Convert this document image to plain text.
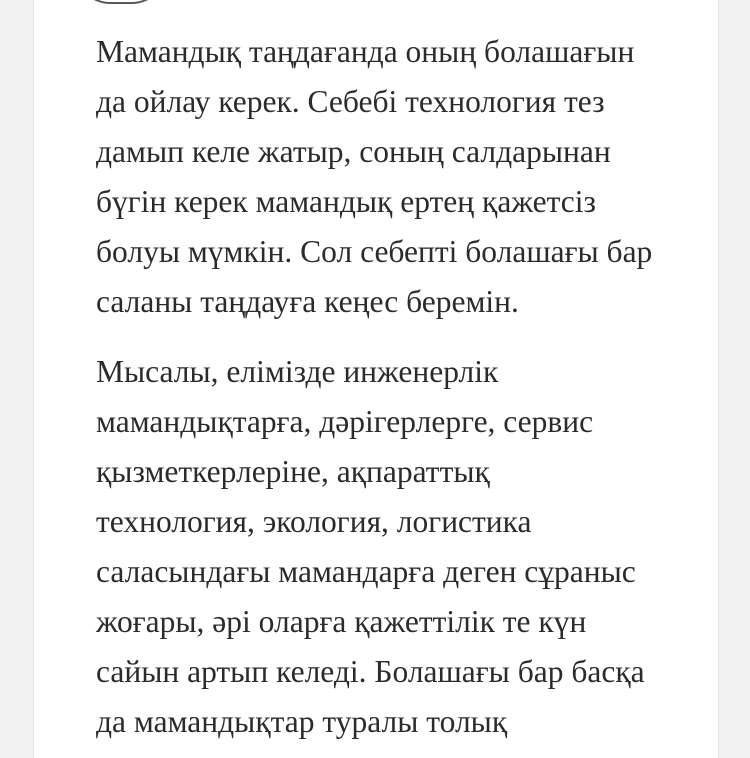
Мамандық таңдағанда оның болашағын

да ойлау керек. Себебі технология тез

дамып келе жатыр, соның салдарынан

бүгін керек мамандық ертең қажетсіз

болуы мүмкін. Сол себепті болашағы бар

саланы таңдауға кеңес беремін.

Мысалы, елімізде инженерлік

мамандықтарға, дәрігерлерге, сервис

қызметкерлеріне, ақпараттық

технология, экология, логистика

саласындағы мамандарға деген сұраныс

жоғары, әрі оларға қажеттілік те күн

сайын артып келеді. Болашағы бар басқа

да мамандықтар туралы толық
